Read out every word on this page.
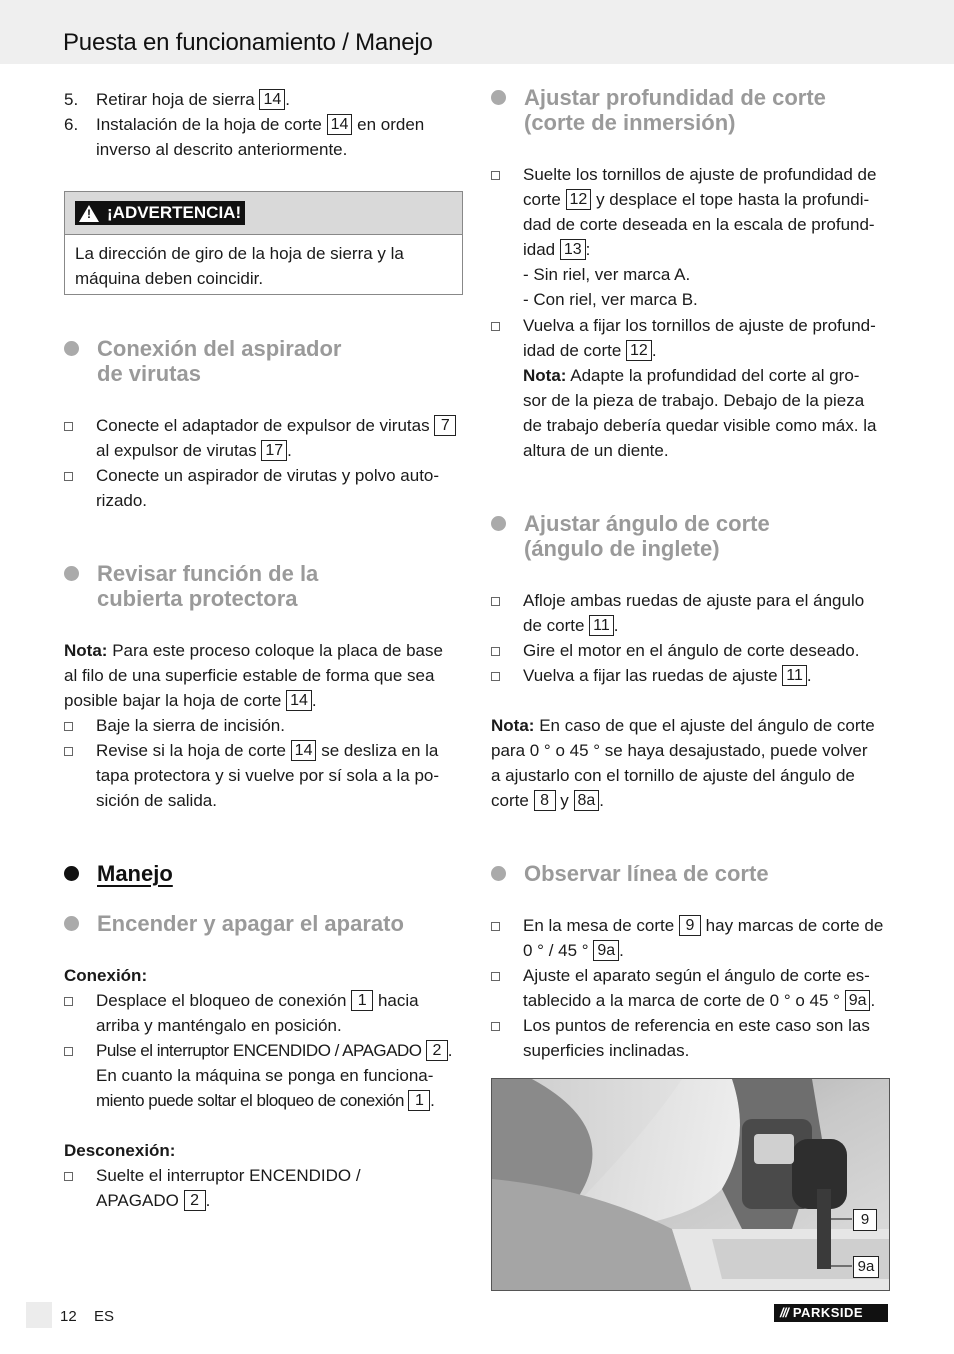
Puesta en funcionamiento / Manejo
5. Retirar hoja de sierra 14 .
6. Instalación de la hoja de corte 14 en orden
inverso al descrito anteriormente.
! ¡ADVERTENCIA!
La dirección de giro de la hoja de sierra y la máquina deben coincidir.
Conexión del aspirador
de virutas
Conecte el adaptador de expulsor de virutas 7
al expulsor de virutas 17 .
Conecte un aspirador de virutas y polvo auto-
rizado.
Revisar función de la
cubierta protectora
Nota: Para este proceso coloque la placa de base
al filo de una superficie estable de forma que sea
posible bajar la hoja de corte 14 .
Baje la sierra de incisión.
Revise si la hoja de corte 14 se desliza en la
tapa protectora y si vuelve por sí sola a la po-
sición de salida.
Manejo
Encender y apagar el aparato
Conexión:
Desplace el bloqueo de conexión 1 hacia
arriba y manténgalo en posición.
Pulse el interruptor ENCENDIDO / APAGADO 2 .
En cuanto la máquina se ponga en funciona-
miento puede soltar el bloqueo de conexión 1 .
Desconexión:
Suelte el interruptor ENCENDIDO /
APAGADO 2 .
Ajustar profundidad de corte
(corte de inmersión)
Suelte los tornillos de ajuste de profundidad de
corte 12 y desplace el tope hasta la profundi-
dad de corte deseada en la escala de profund-
idad 13 :
- Sin riel, ver marca A.
- Con riel, ver marca B.
Vuelva a fijar los tornillos de ajuste de profund-
idad de corte 12 .
Nota: Adapte la profundidad del corte al gro-
sor de la pieza de trabajo. Debajo de la pieza
de trabajo debería quedar visible como máx. la
altura de un diente.
Ajustar ángulo de corte
(ángulo de inglete)
Afloje ambas ruedas de ajuste para el ángulo
de corte 11 .
Gire el motor en el ángulo de corte deseado.
Vuelva a fijar las ruedas de ajuste 11 .
Nota: En caso de que el ajuste del ángulo de corte
para 0 ° o 45 ° se haya desajustado, puede volver
a ajustarlo con el tornillo de ajuste del ángulo de
corte 8 y 8a .
Observar línea de corte
En la mesa de corte 9 hay marcas de corte de
0 ° / 45 ° 9a .
Ajuste el aparato según el ángulo de corte es-
tablecido a la marca de corte de 0 ° o 45 ° 9a .
Los puntos de referencia en este caso son las
superficies inclinadas.
9
9a
12 ES	/// PARKSIDE
